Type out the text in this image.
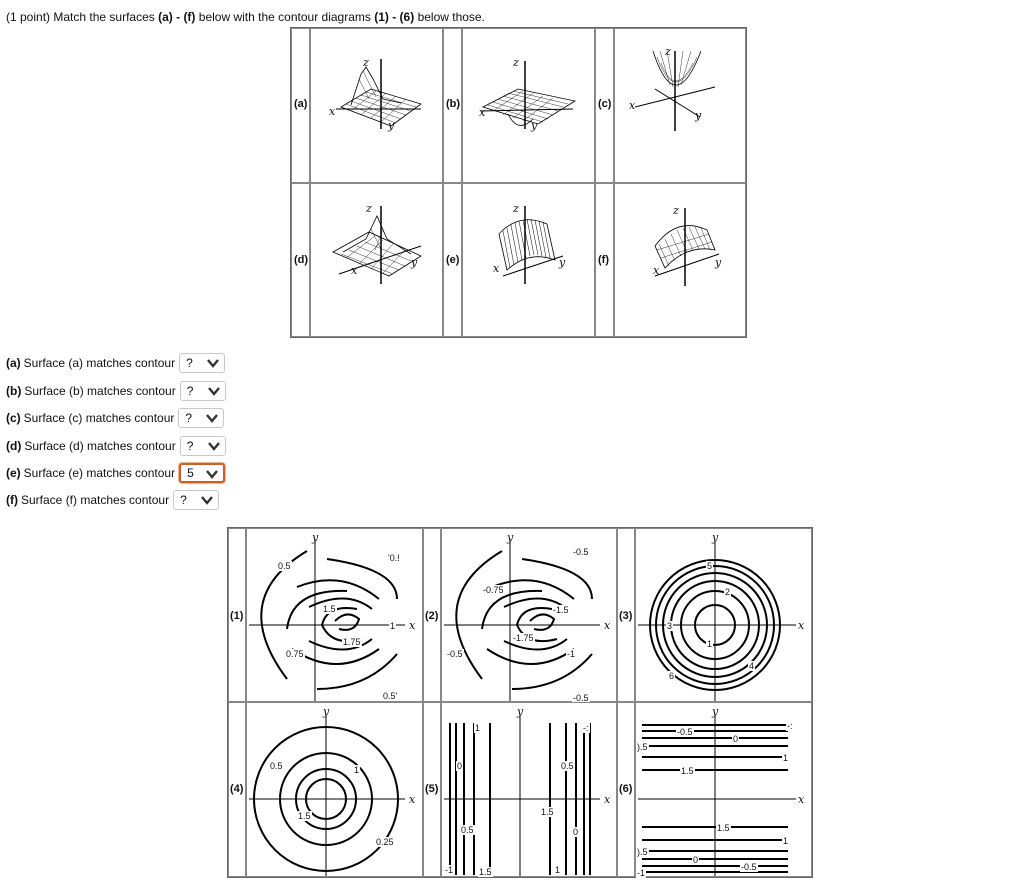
(1 point) Match the surfaces (a) - (f) below with the contour diagrams (1) - (6) below those.
(a)
z
x
y
(b)
z
x
y
(c)
z
x
y
(d)
z
x
y	(e)
z
x	y	(f)
z
x
y
(a) Surface (a) matches contour ?
(b) Surface (b) matches contour ?
(c) Surface (c) matches contour ?
(d) Surface (d) matches contour ?
(e) Surface (e) matches contour 5
(f) Surface (f) matches contour ?
(1)
y
x
0.5
'0.!
1.5
1.75
1
0.75
0.5'
(2)
y
x
-0.5
-0.75
-1.5
-1.75
-0.5	-1
-0.5
(3)
y
x
5
2
3
1
4
6
(4)
y
x
0.5	1
1.5
0.25
(5)
y
x
1	-:
0	0.5
1.5
0.5	0
-1	1.5	1
(6)
y
x
-0.5
-:
0
).5
1
1.5
1.5
1
).5
0
-0.5
-1
